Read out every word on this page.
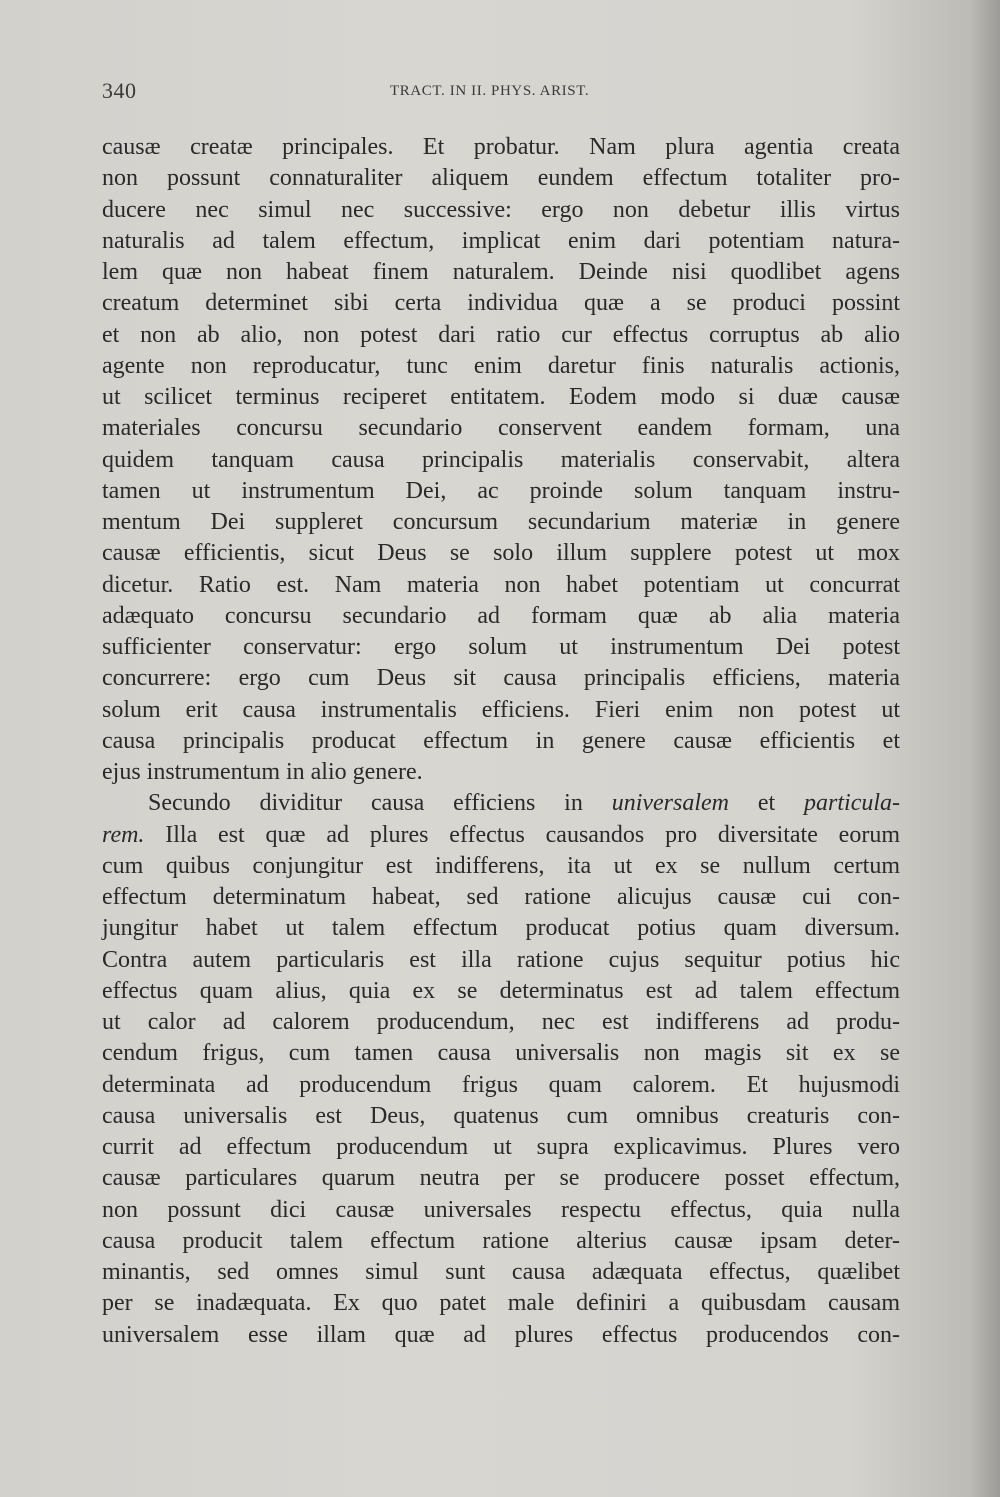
340	TRACT. IN II. PHYS. ARIST.
causæ creatæ principales. Et probatur. Nam plura agentia creata
non possunt connaturaliter aliquem eundem effectum totaliter pro-
ducere nec simul nec successive: ergo non debetur illis virtus
naturalis ad talem effectum, implicat enim dari potentiam natura-
lem quæ non habeat finem naturalem. Deinde nisi quodlibet agens
creatum determinet sibi certa individua quæ a se produci possint
et non ab alio, non potest dari ratio cur effectus corruptus ab alio
agente non reproducatur, tunc enim daretur finis naturalis actionis,
ut scilicet terminus reciperet entitatem. Eodem modo si duæ causæ
materiales concursu secundario conservent eandem formam, una
quidem tanquam causa principalis materialis conservabit, altera
tamen ut instrumentum Dei, ac proinde solum tanquam instru-
mentum Dei suppleret concursum secundarium materiæ in genere
causæ efficientis, sicut Deus se solo illum supplere potest ut mox
dicetur. Ratio est. Nam materia non habet potentiam ut concurrat
adæquato concursu secundario ad formam quæ ab alia materia
sufficienter conservatur: ergo solum ut instrumentum Dei potest
concurrere: ergo cum Deus sit causa principalis efficiens, materia
solum erit causa instrumentalis efficiens. Fieri enim non potest ut
causa principalis producat effectum in genere causæ efficientis et
ejus instrumentum in alio genere.
Secundo dividitur causa efficiens in universalem et particula-
rem. Illa est quæ ad plures effectus causandos pro diversitate eorum
cum quibus conjungitur est indifferens, ita ut ex se nullum certum
effectum determinatum habeat, sed ratione alicujus causæ cui con-
jungitur habet ut talem effectum producat potius quam diversum.
Contra autem particularis est illa ratione cujus sequitur potius hic
effectus quam alius, quia ex se determinatus est ad talem effectum
ut calor ad calorem producendum, nec est indifferens ad produ-
cendum frigus, cum tamen causa universalis non magis sit ex se
determinata ad producendum frigus quam calorem. Et hujusmodi
causa universalis est Deus, quatenus cum omnibus creaturis con-
currit ad effectum producendum ut supra explicavimus. Plures vero
causæ particulares quarum neutra per se producere posset effectum,
non possunt dici causæ universales respectu effectus, quia nulla
causa producit talem effectum ratione alterius causæ ipsam deter-
minantis, sed omnes simul sunt causa adæquata effectus, quælibet
per se inadæquata. Ex quo patet male definiri a quibusdam causam
universalem esse illam quæ ad plures effectus producendos con-
